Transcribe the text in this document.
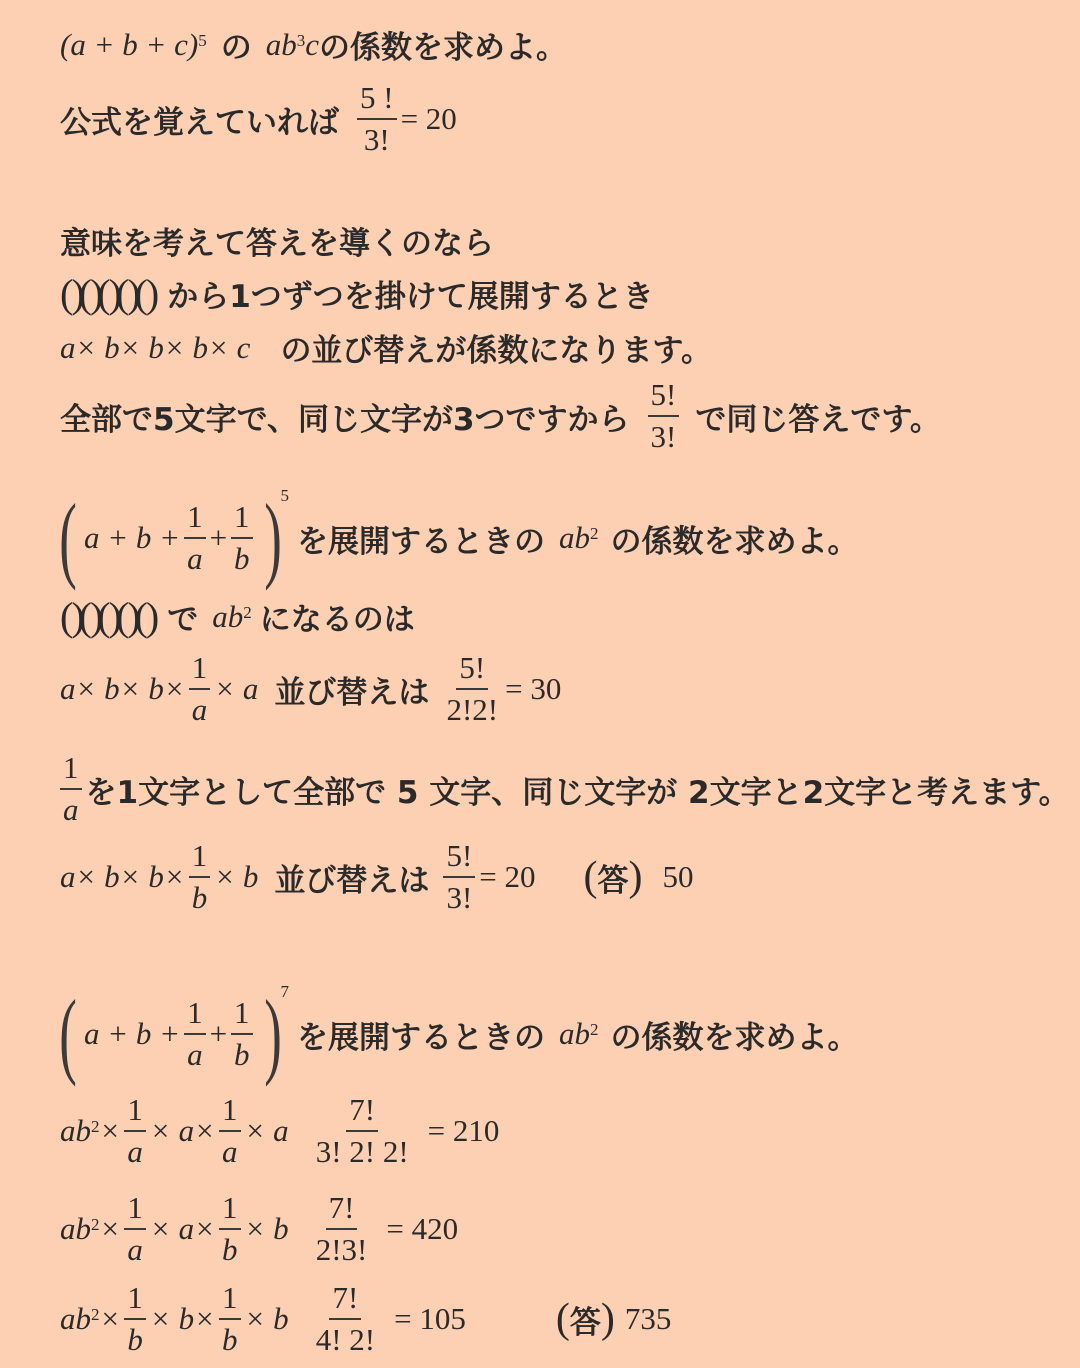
$(a + b + c)^5$ の $ab^3$ c の係数を求めよ。
公式を覚えていれば $\frac{5 !}{3!} = 20$
意味を考えて答えを導くのなら
( )( )( )( )( ) から1つずつを掛けて展開するとき
a× b× b× b× c の並び替えが係数になります。
全部で5文字で、同じ文字が3つですから $\frac{5!}{3!}$ で同じ答えです。
( $a + b + \frac{1}{a} + \frac{1}{b} )^5$
を展開するときの $ab^2$ の係数を求めよ。
( )( )( )( )( ) で $ab^2$ になるのは
$a\times b\times b\times \frac{1}{a} \times a$ 並び替えは $\frac{5!}{2!2!} = 30$
$\frac{1}{a}$ を1文字として全部で 5 文字、同じ文字が 2文字と2文字と考えます。
$a\times b\times b\times \frac{1}{b} \times b$ 並び替えは $\frac{5!}{3!} = 20$ ( 答 ) 50
( $a + b + \frac{1}{a} + \frac{1}{b} )^7$
を展開するときの $ab^2$ の係数を求めよ。
$ab^2 \times \frac{1}{a} \times a\times \frac{1}{a} \times a \frac{7!}{3! 2! 2!} = 210$
$ab^2 \times \frac{1}{a} \times a\times \frac{1}{b} \times b \frac{7!}{2!3!} = 420$
$ab^2 \times \frac{1}{b} \times b\times \frac{1}{b} \times b \frac{7!}{4! 2!} = 105$ ( 答 ) 735
